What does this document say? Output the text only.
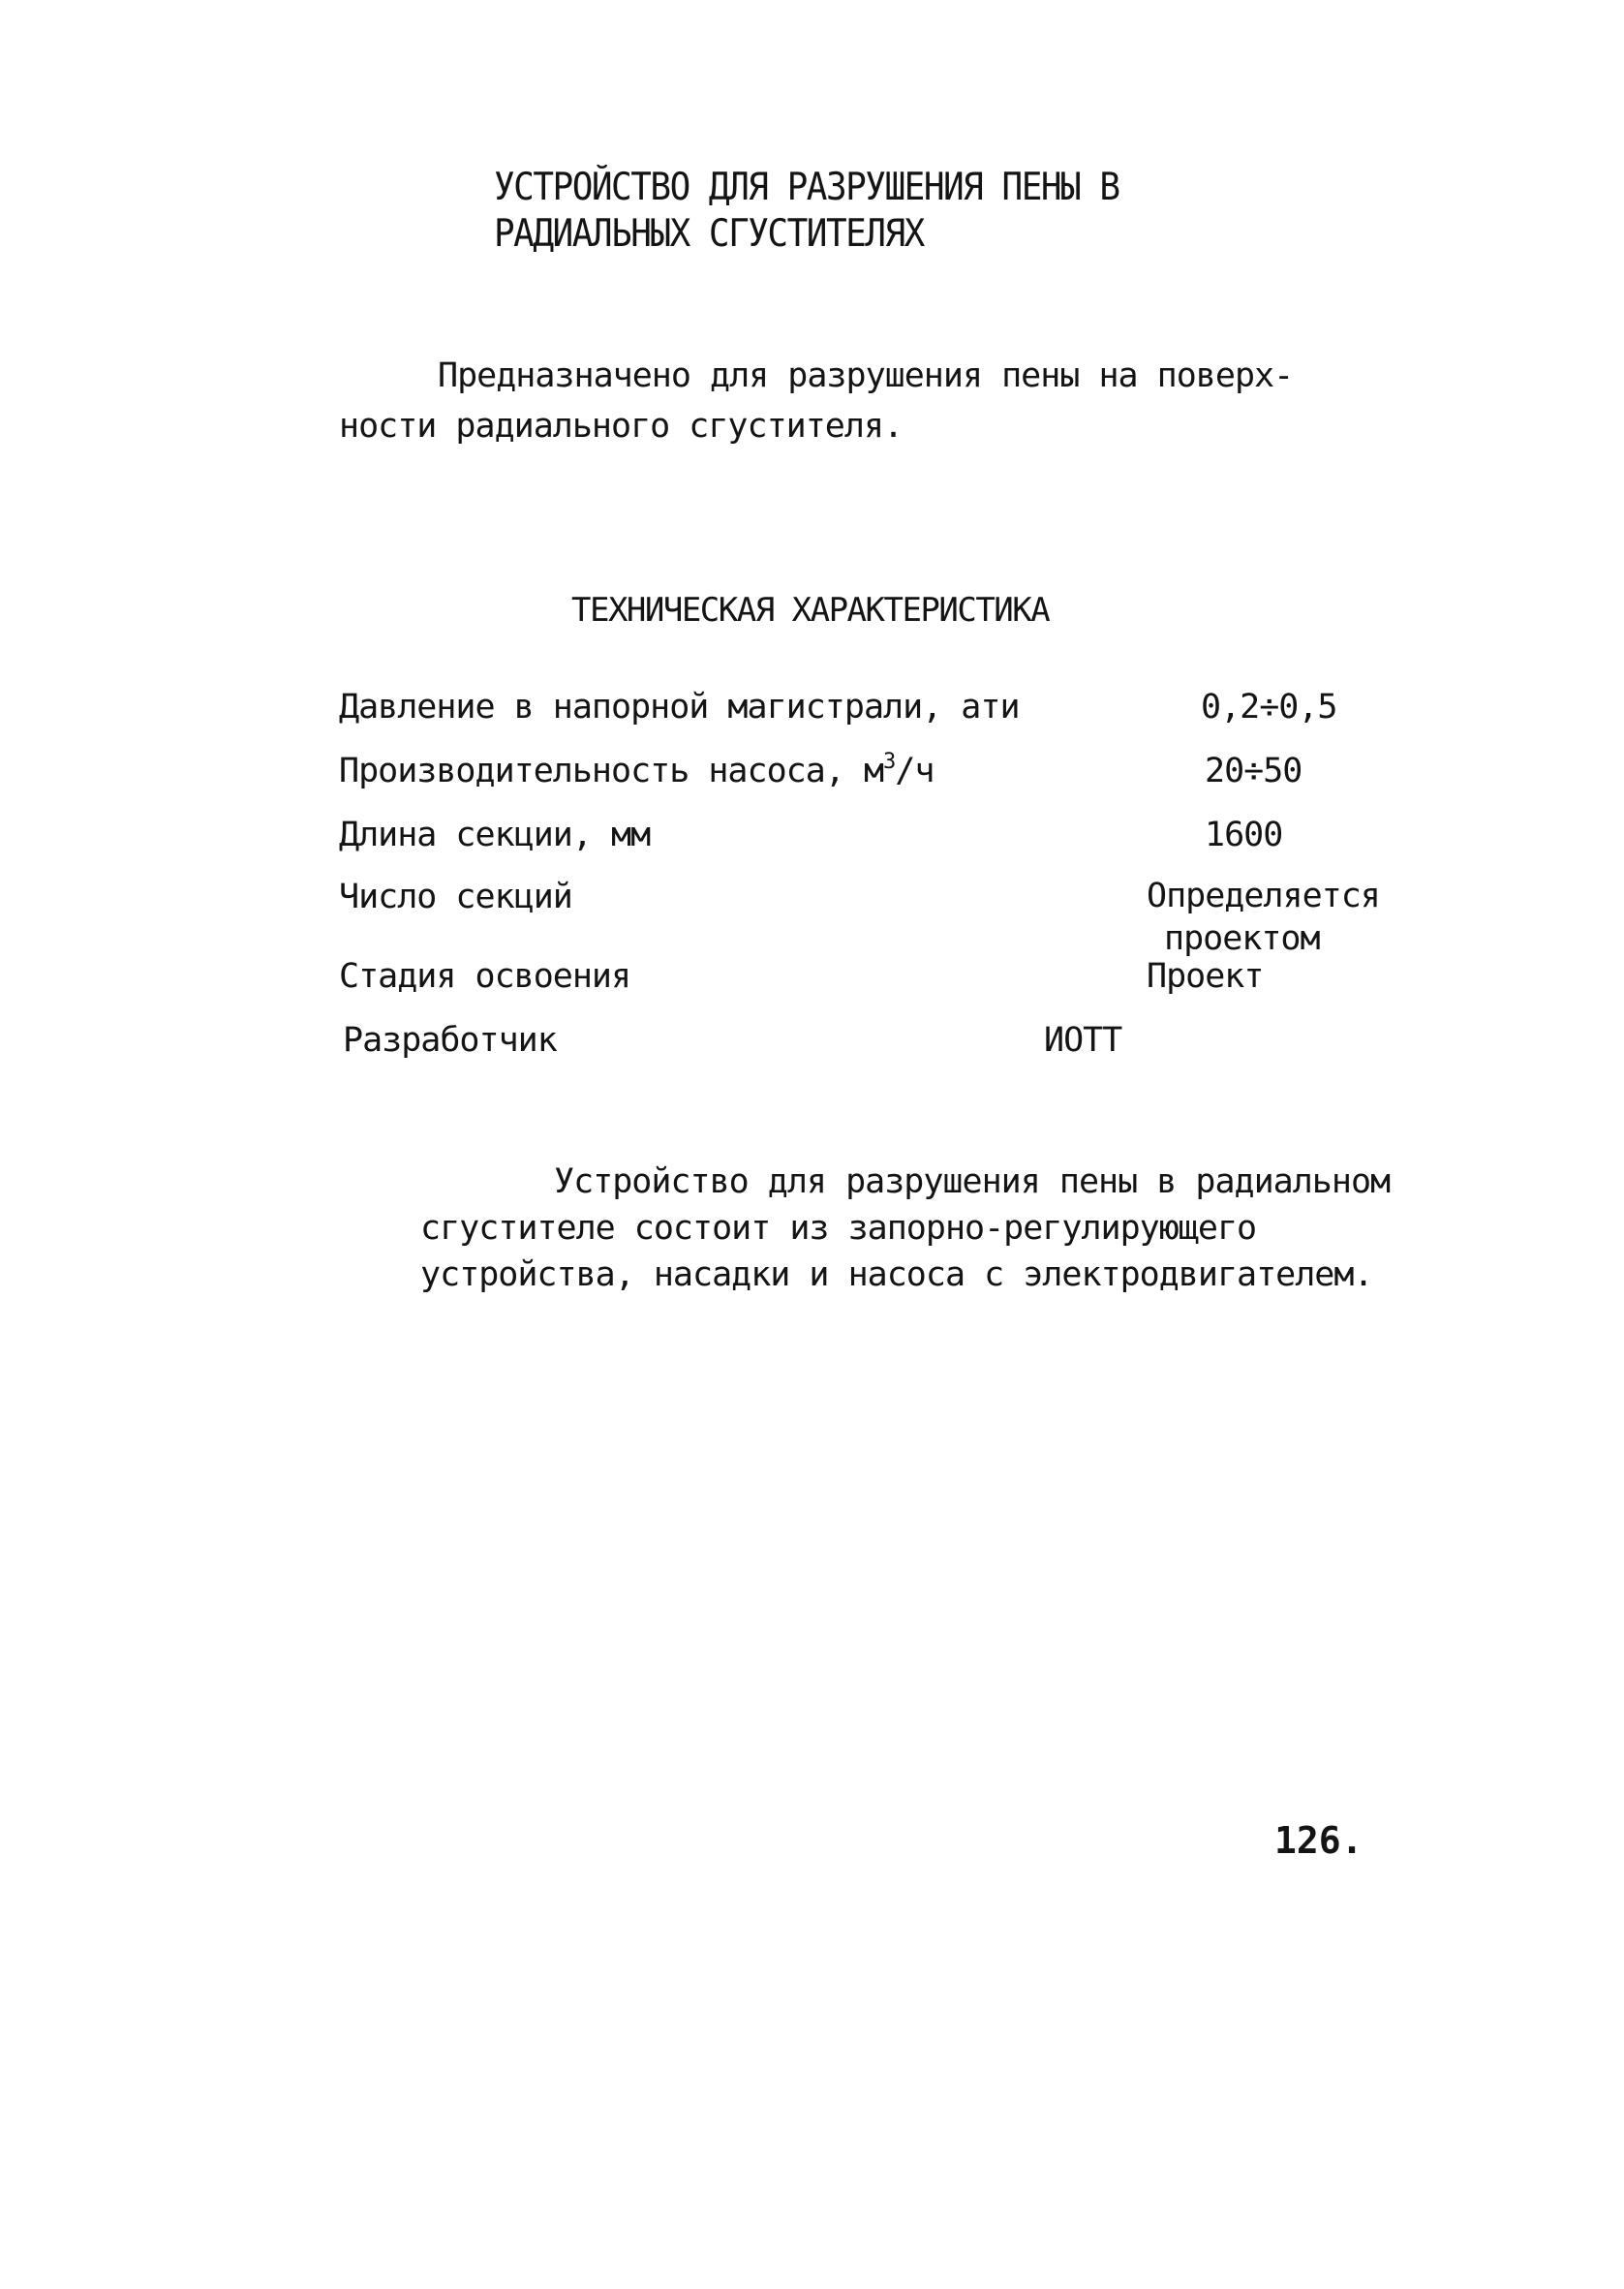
УСТРОЙСТВО ДЛЯ РАЗРУШЕНИЯ ПЕНЫ В
РАДИАЛЬНЫХ СГУСТИТЕЛЯХ
Предназначено для разрушения пены на поверх-
ности радиального сгустителя.
ТЕХНИЧЕСКАЯ ХАРАКТЕРИСТИКА
Давление в напорной магистрали, ати	0,2÷0,5
Производительность насоса, $м^3/ч$	20÷50
Длина секции, мм	1600
Число секций	Определяется
проектом
Стадия освоения	Проект
Разработчик	ИОТТ
Устройство для разрушения пены в радиальном
сгустителе состоит из запорно-регулирующего
устройства, насадки и насоса с электродвигателем.
126.
